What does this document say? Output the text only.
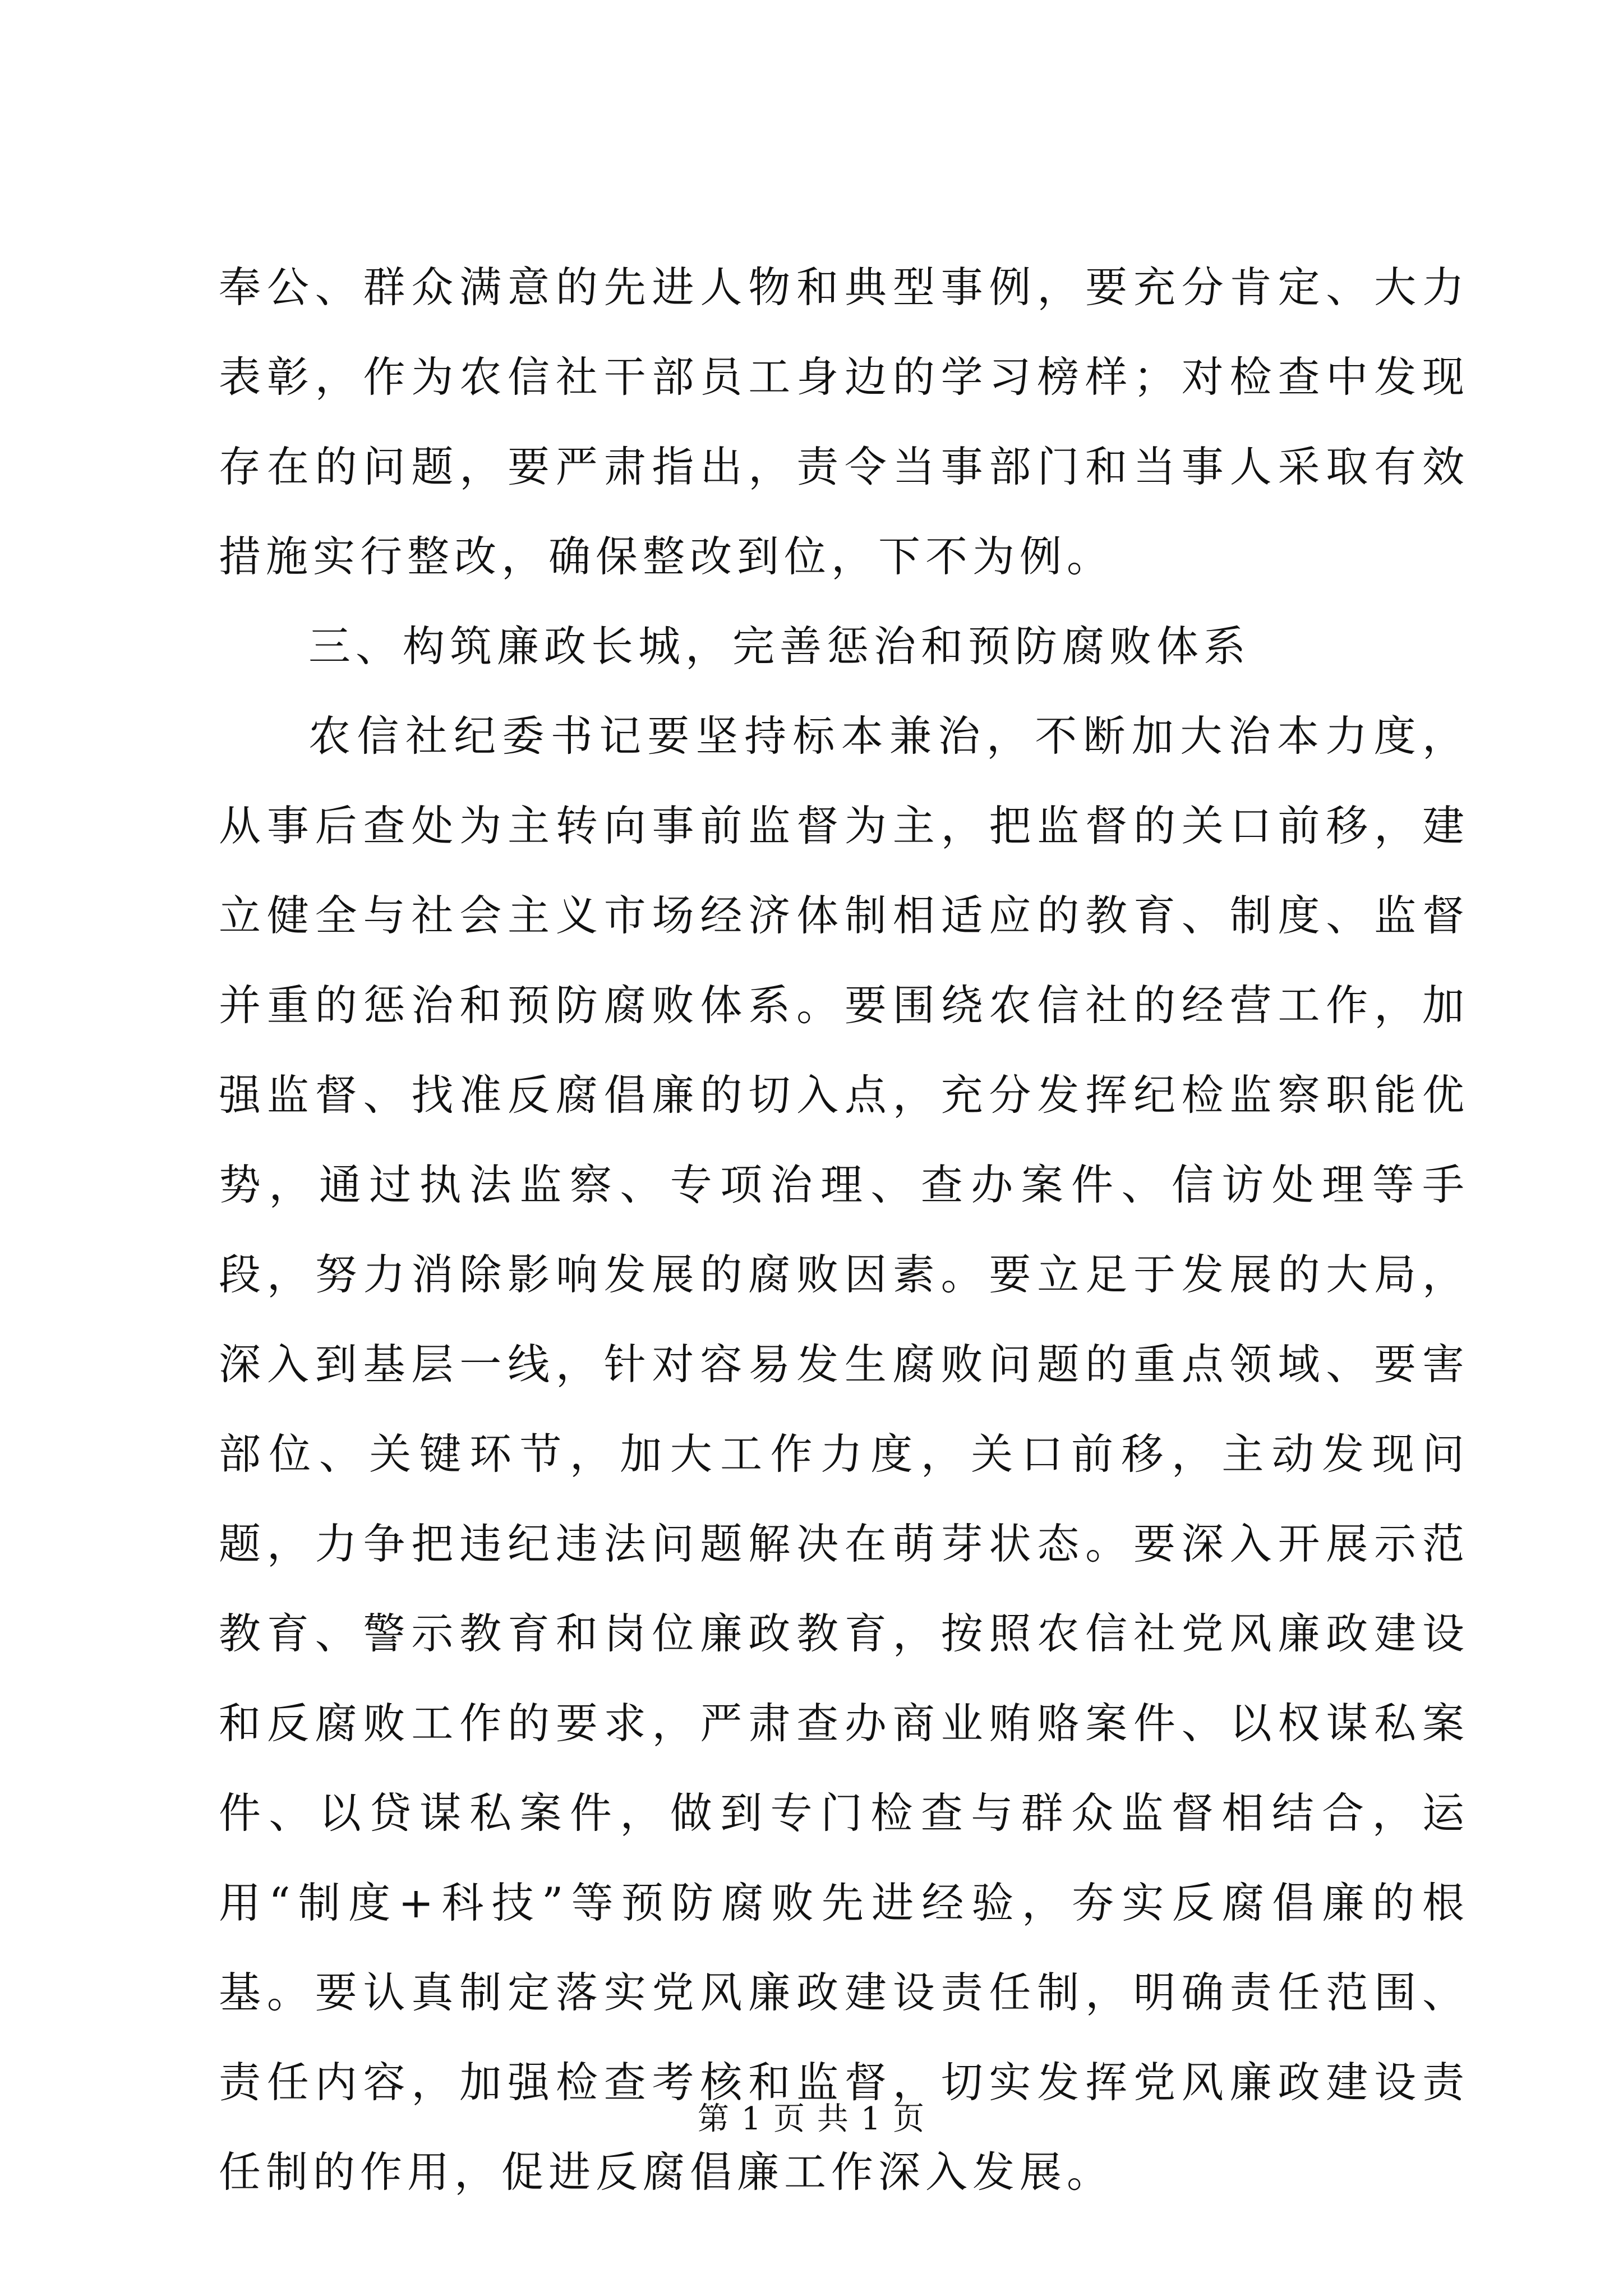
奉公、群众满意的先进人物和典型事例，要充分肯定、大力表彰，作为农信社干部员工身边的学习榜样；对检查中发现存在的问题，要严肃指出，责令当事部门和当事人采取有效措施实行整改，确保整改到位，下不为例。

三、构筑廉政长城，完善惩治和预防腐败体系

农信社纪委书记要坚持标本兼治，不断加大治本力度，从事后查处为主转向事前监督为主，把监督的关口前移，建立健全与社会主义市场经济体制相适应的教育、制度、监督并重的惩治和预防腐败体系。要围绕农信社的经营工作，加强监督、找准反腐倡廉的切入点，充分发挥纪检监察职能优势，通过执法监察、专项治理、查办案件、信访处理等手段，努力消除影响发展的腐败因素。要立足于发展的大局，深入到基层一线，针对容易发生腐败问题的重点领域、要害部位、关键环节，加大工作力度，关口前移，主动发现问题，力争把违纪违法问题解决在萌芽状态。要深入开展示范教育、警示教育和岗位廉政教育，按照农信社党风廉政建设和反腐败工作的要求，严肃查办商业贿赂案件、以权谋私案件、以贷谋私案件，做到专门检查与群众监督相结合，运用“制度+科技”等预防腐败先进经验，夯实反腐倡廉的根基。要认真制定落实党风廉政建设责任制，明确责任范围、责任内容，加强检查考核和监督，切实发挥党风廉政建设责任制的作用，促进反腐倡廉工作深入发展。

第 1 页 共 1 页
